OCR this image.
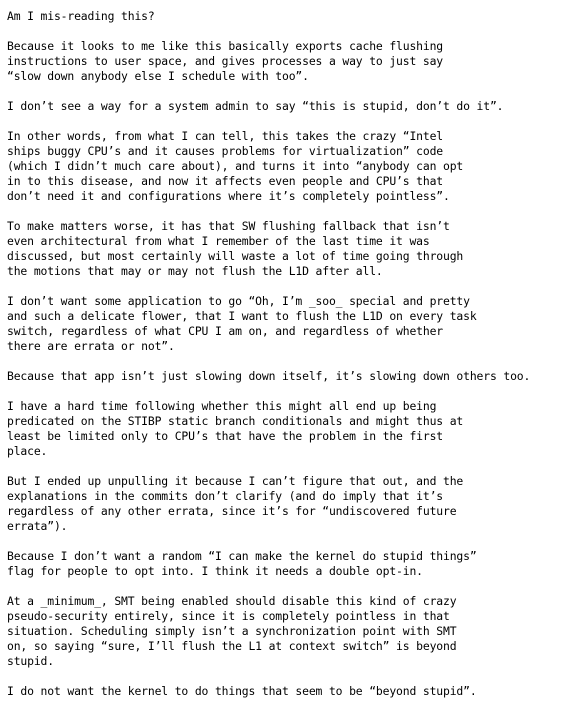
Am I mis-reading this?
Because it looks to me like this basically exports cache flushing
instructions to user space, and gives processes a way to just say
“slow down anybody else I schedule with too”.
I don’t see a way for a system admin to say “this is stupid, don’t do it”.
In other words, from what I can tell, this takes the crazy “Intel
ships buggy CPU’s and it causes problems for virtualization” code
(which I didn’t much care about), and turns it into “anybody can opt
in to this disease, and now it affects even people and CPU’s that
don’t need it and configurations where it’s completely pointless”.
To make matters worse, it has that SW flushing fallback that isn’t
even architectural from what I remember of the last time it was
discussed, but most certainly will waste a lot of time going through
the motions that may or may not flush the L1D after all.
I don’t want some application to go “Oh, I’m _soo_ special and pretty
and such a delicate flower, that I want to flush the L1D on every task
switch, regardless of what CPU I am on, and regardless of whether
there are errata or not”.
Because that app isn’t just slowing down itself, it’s slowing down others too.
I have a hard time following whether this might all end up being
predicated on the STIBP static branch conditionals and might thus at
least be limited only to CPU’s that have the problem in the first
place.
But I ended up unpulling it because I can’t figure that out, and the
explanations in the commits don’t clarify (and do imply that it’s
regardless of any other errata, since it’s for “undiscovered future
errata”).
Because I don’t want a random “I can make the kernel do stupid things”
flag for people to opt into. I think it needs a double opt-in.
At a _minimum_, SMT being enabled should disable this kind of crazy
pseudo-security entirely, since it is completely pointless in that
situation. Scheduling simply isn’t a synchronization point with SMT
on, so saying “sure, I’ll flush the L1 at context switch” is beyond
stupid.
I do not want the kernel to do things that seem to be “beyond stupid”.
